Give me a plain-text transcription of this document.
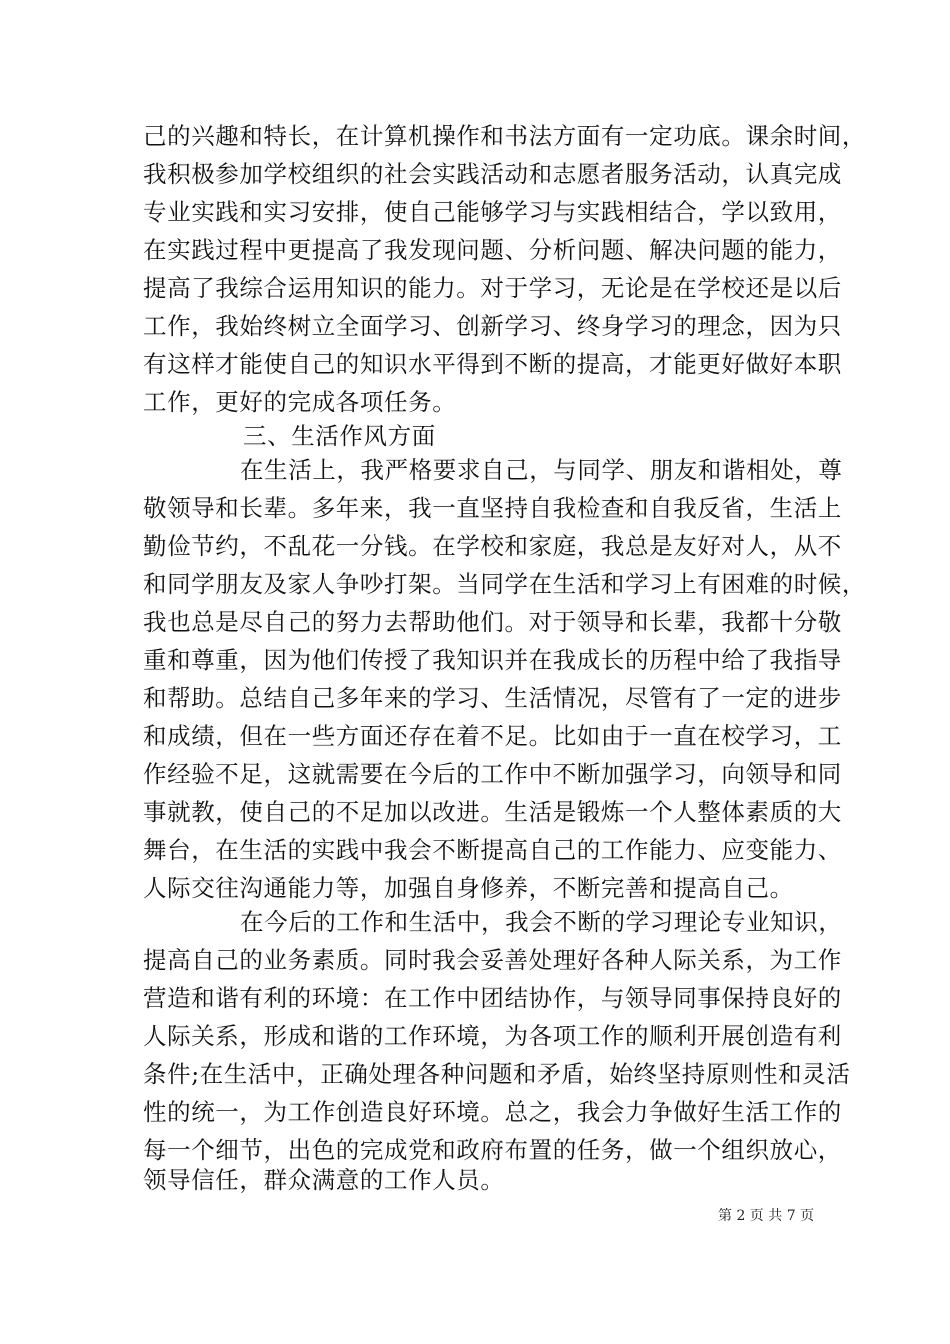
己的兴趣和特长，在计算机操作和书法方面有一定功底。课余时间，
我积极参加学校组织的社会实践活动和志愿者服务活动，认真完成
专业实践和实习安排，使自己能够学习与实践相结合，学以致用，
在实践过程中更提高了我发现问题、分析问题、解决问题的能力，
提高了我综合运用知识的能力。对于学习，无论是在学校还是以后
工作，我始终树立全面学习、创新学习、终身学习的理念，因为只
有这样才能使自己的知识水平得到不断的提高，才能更好做好本职
工作，更好的完成各项任务。
三、生活作风方面
在生活上，我严格要求自己，与同学、朋友和谐相处，尊
敬领导和长辈。多年来，我一直坚持自我检查和自我反省，生活上
勤俭节约，不乱花一分钱。在学校和家庭，我总是友好对人，从不
和同学朋友及家人争吵打架。当同学在生活和学习上有困难的时候，
我也总是尽自己的努力去帮助他们。对于领导和长辈，我都十分敬
重和尊重，因为他们传授了我知识并在我成长的历程中给了我指导
和帮助。总结自己多年来的学习、生活情况，尽管有了一定的进步
和成绩，但在一些方面还存在着不足。比如由于一直在校学习，工
作经验不足，这就需要在今后的工作中不断加强学习，向领导和同
事就教，使自己的不足加以改进。生活是锻炼一个人整体素质的大
舞台，在生活的实践中我会不断提高自己的工作能力、应变能力、
人际交往沟通能力等，加强自身修养，不断完善和提高自己。
在今后的工作和生活中，我会不断的学习理论专业知识，
提高自己的业务素质。同时我会妥善处理好各种人际关系，为工作
营造和谐有利的环境：在工作中团结协作，与领导同事保持良好的
人际关系，形成和谐的工作环境，为各项工作的顺利开展创造有利
条件;在生活中，正确处理各种问题和矛盾，始终坚持原则性和灵活
性的统一，为工作创造良好环境。总之，我会力争做好生活工作的
每一个细节，出色的完成党和政府布置的任务，做一个组织放心，
领导信任，群众满意的工作人员。
第 2 页 共 7 页
